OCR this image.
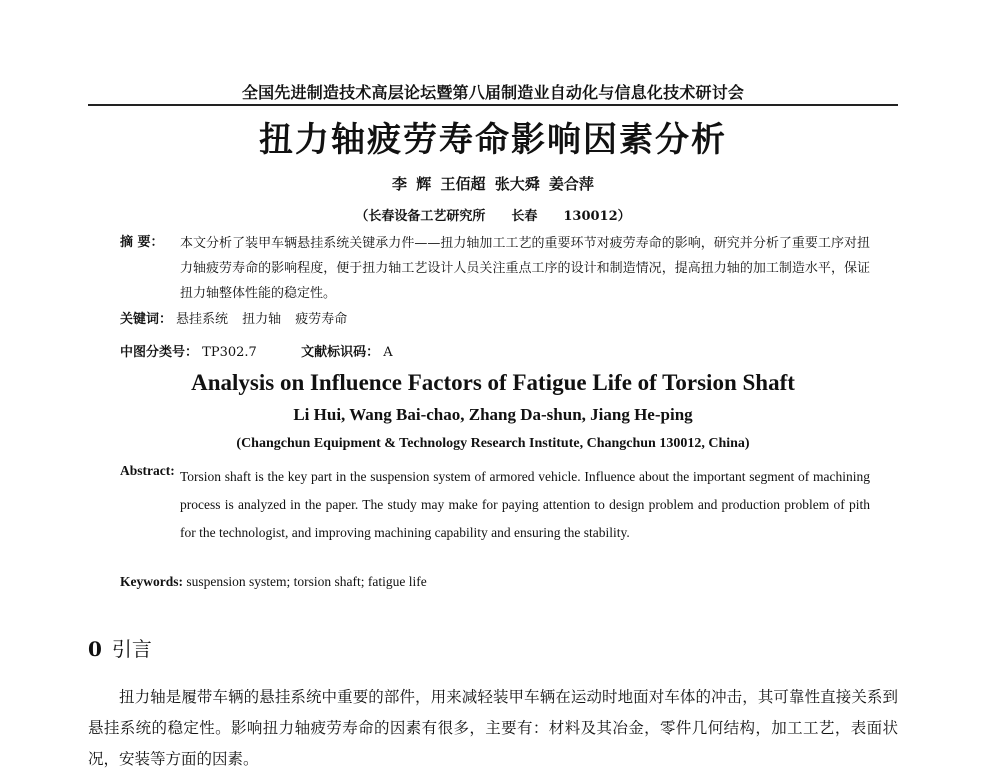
全国先进制造技术高层论坛暨第八届制造业自动化与信息化技术研讨会
扭力轴疲劳寿命影响因素分析
李 辉 王佰超 张大舜 姜合萍
（长春设备工艺研究所　　长春　　130012）
摘 要： 本文分析了装甲车辆悬挂系统关键承力件——扭力轴加工工艺的重要环节对疲劳寿命的影响，研究并分析了重要工序对扭力轴疲劳寿命的影响程度，便于扭力轴工艺设计人员关注重点工序的设计和制造情况，提高扭力轴的加工制造水平，保证扭力轴整体性能的稳定性。
关键词： 悬挂系统 扭力轴 疲劳寿命
中图分类号： TP302.7	文献标识码： A
Analysis on Influence Factors of Fatigue Life of Torsion Shaft
Li Hui, Wang Bai-chao, Zhang Da-shun, Jiang He-ping
(Changchun Equipment & Technology Research Institute, Changchun 130012, China)
Abstract: Torsion shaft is the key part in the suspension system of armored vehicle. Influence about the important segment of machining process is analyzed in the paper. The study may make for paying attention to design problem and production problem of pith for the technologist, and improving machining capability and ensuring the stability.
Keywords: suspension system; torsion shaft; fatigue life
0 引言

扭力轴是履带车辆的悬挂系统中重要的部件，用来减轻装甲车辆在运动时地面对车体的冲击，其可靠性直接关系到悬挂系统的稳定性。影响扭力轴疲劳寿命的因素有很多，主要有：材料及其冶金，零件几何结构，加工工艺，表面状况，安装等方面的因素。
